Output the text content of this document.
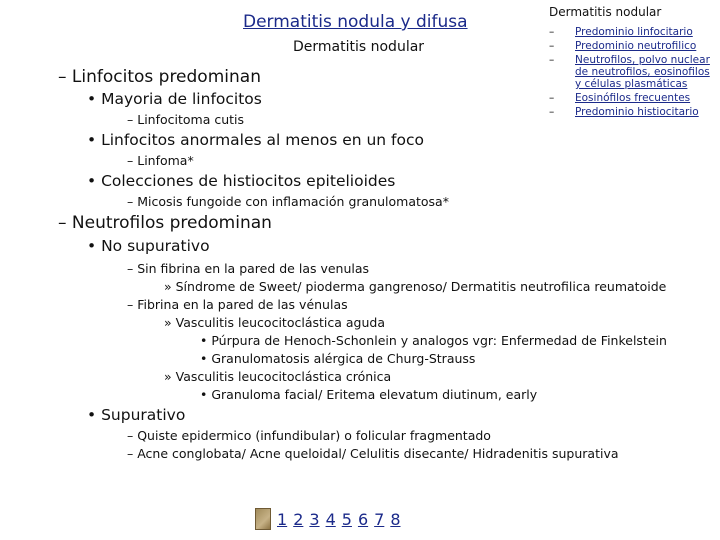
Dermatitis nodula y difusa
Dermatitis nodular
– Linfocitos predominan
• Mayoria de linfocitos
– Linfocitoma cutis
• Linfocitos anormales al menos en un foco
– Linfoma*
• Colecciones de histiocitos epitelioides
– Micosis fungoide con inflamación granulomatosa*
– Neutrofilos predominan
• No supurativo
– Sin fibrina en la pared de las venulas
» Síndrome de Sweet/ pioderma gangrenoso/ Dermatitis neutrofilica reumatoide
– Fibrina en la pared de las vénulas
» Vasculitis leucocitoclástica aguda
• Púrpura de Henoch-Schonlein y analogos vgr: Enfermedad de Finkelstein
• Granulomatosis alérgica de Churg-Strauss
» Vasculitis leucocitoclástica crónica
• Granuloma facial/ Eritema elevatum diutinum, early
• Supurativo
– Quiste epidermico (infundibular) o folicular fragmentado
– Acne conglobata/ Acne queloidal/ Celulitis disecante/ Hidradenitis supurativa
Dermatitis nodular
–	Predominio linfocitario
–	Predominio neutrofilico
–	Neutrofilos, polvo nuclear de neutrofilos, eosinofilos y células plasmáticas
–	Eosinófilos frecuentes
–	Predominio histiocitario
1 2 3 4 5 6 7 8
